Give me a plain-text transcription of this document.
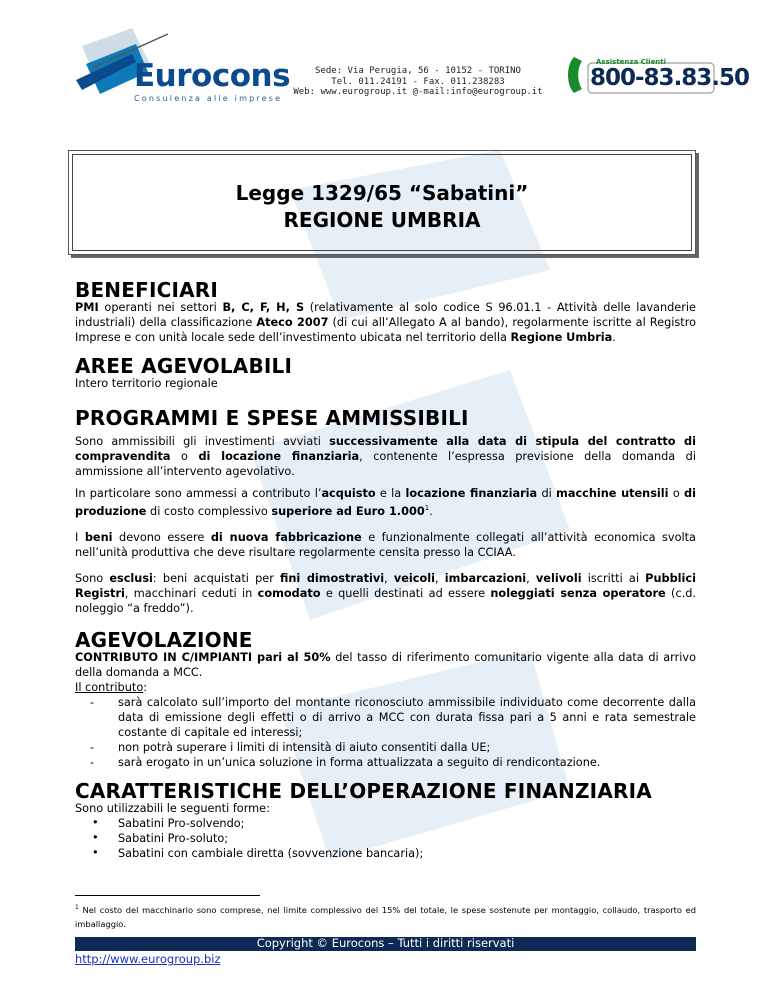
Eurocons
Consulenza alle imprese
Sede: Via Perugia, 56 - 10152 - TORINO
Tel. 011.24191 - Fax. 011.238283
Web: www.eurogroup.it @-mail:info@eurogroup.it
Assistenza Clienti
800-83.83.50
Legge 1329/65 “Sabatini”
REGIONE UMBRIA
BENEFICIARI
PMI operanti nei settori B, C, F, H, S (relativamente al solo codice S 96.01.1 - Attività delle lavanderie industriali) della classificazione Ateco 2007 (di cui all’Allegato A al bando), regolarmente iscritte al Registro Imprese e con unità locale sede dell’investimento ubicata nel territorio della Regione Umbria.
AREE AGEVOLABILI
Intero territorio regionale
PROGRAMMI E SPESE AMMISSIBILI
Sono ammissibili gli investimenti avviati successivamente alla data di stipula del contratto di compravendita o di locazione finanziaria, contenente l’espressa previsione della domanda di ammissione all’intervento agevolativo.
In particolare sono ammessi a contributo l’acquisto e la locazione finanziaria di macchine utensili o di produzione di costo complessivo superiore ad Euro 1.000$^1$.
I beni devono essere di nuova fabbricazione e funzionalmente collegati all’attività economica svolta nell’unità produttiva che deve risultare regolarmente censita presso la CCIAA.
Sono esclusi: beni acquistati per fini dimostrativi, veicoli, imbarcazioni, velivoli iscritti ai Pubblici Registri, macchinari ceduti in comodato e quelli destinati ad essere noleggiati senza operatore (c.d. noleggio “a freddo”).
AGEVOLAZIONE
CONTRIBUTO IN C/IMPIANTI pari al 50% del tasso di riferimento comunitario vigente alla data di arrivo della domanda a MCC.
Il contributo:
- sarà calcolato sull’importo del montante riconosciuto ammissibile individuato come decorrente dalla data di emissione degli effetti o di arrivo a MCC con durata fissa pari a 5 anni e rata semestrale costante di capitale ed interessi;
- non potrà superare i limiti di intensità di aiuto consentiti dalla UE;
- sarà erogato in un’unica soluzione in forma attualizzata a seguito di rendicontazione.
CARATTERISTICHE DELL’OPERAZIONE FINANZIARIA
Sono utilizzabili le seguenti forme:
• Sabatini Pro-solvendo;
• Sabatini Pro-soluto;
• Sabatini con cambiale diretta (sovvenzione bancaria);
$^1$ Nel costo del macchinario sono comprese, nel limite complessivo del 15% del totale, le spese sostenute per montaggio, collaudo, trasporto ed imballaggio.
Copyright © Eurocons – Tutti i diritti riservati
http://www.eurogroup.biz
